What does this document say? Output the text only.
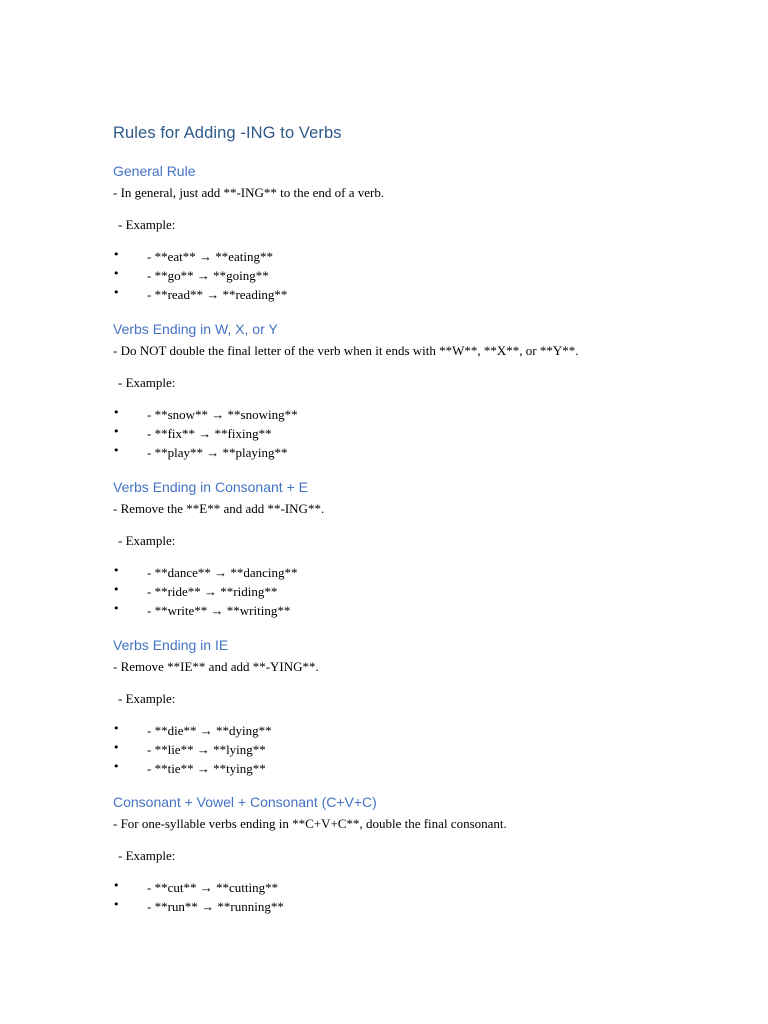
Rules for Adding -ING to Verbs
General Rule

- In general, just add **-ING** to the end of a verb.

- Example:

• - **eat** → **eating**
• - **go** → **going**
• - **read** → **reading**
Verbs Ending in W, X, or Y

- Do NOT double the final letter of the verb when it ends with **W**, **X**, or **Y**.

- Example:

• - **snow** → **snowing**
• - **fix** → **fixing**
• - **play** → **playing**
Verbs Ending in Consonant + E

- Remove the **E** and add **-ING**.

- Example:

• - **dance** → **dancing**
• - **ride** → **riding**
• - **write** → **writing**
Verbs Ending in IE

- Remove **IE** and add **-YING**.

- Example:

• - **die** → **dying**
• - **lie** → **lying**
• - **tie** → **tying**
Consonant + Vowel + Consonant (C+V+C)

- For one-syllable verbs ending in **C+V+C**, double the final consonant.

- Example:

• - **cut** → **cutting**
• - **run** → **running**
